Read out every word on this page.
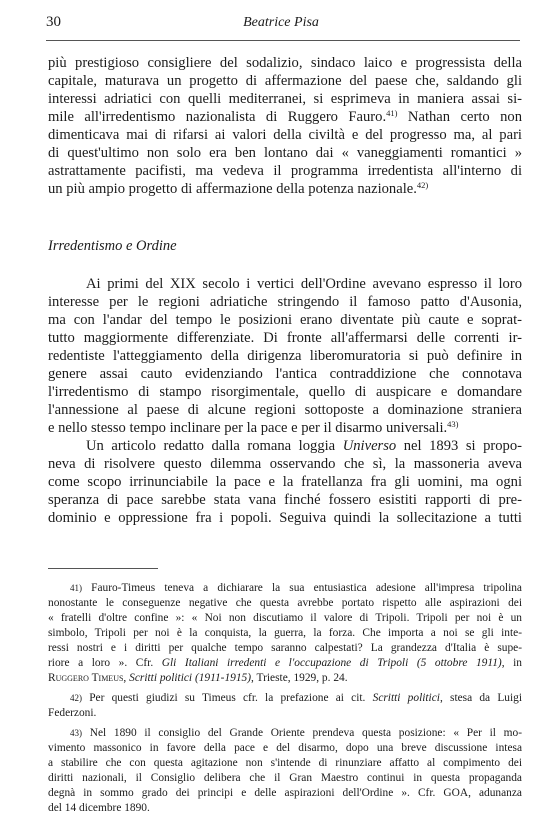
30	Beatrice Pisa
più prestigioso consigliere del sodalizio, sindaco laico e progressista della
capitale, maturava un progetto di affermazione del paese che, saldando gli
interessi adriatici con quelli mediterranei, si esprimeva in maniera assai si-
mile all'irredentismo nazionalista di Ruggero Fauro.$^{41)}$ Nathan certo non
dimenticava mai di rifarsi ai valori della civiltà e del progresso ma, al pari
di quest'ultimo non solo era ben lontano dai « vaneggiamenti romantici »
astrattamente pacifisti, ma vedeva il programma irredentista all'interno di
un più ampio progetto di affermazione della potenza nazionale.$^{42)}$
Irredentismo e Ordine
Ai primi del XIX secolo i vertici dell'Ordine avevano espresso il loro
interesse per le regioni adriatiche stringendo il famoso patto d'Ausonia,
ma con l'andar del tempo le posizioni erano diventate più caute e soprat-
tutto maggiormente differenziate. Di fronte all'affermarsi delle correnti ir-
redentiste l'atteggiamento della dirigenza liberomuratoria si può definire in
genere assai cauto evidenziando l'antica contraddizione che connotava
l'irredentismo di stampo risorgimentale, quello di auspicare e domandare
l'annessione al paese di alcune regioni sottoposte a dominazione straniera
e nello stesso tempo inclinare per la pace e per il disarmo universali.$^{43)}$
Un articolo redatto dalla romana loggia Universo nel 1893 si propo-
neva di risolvere questo dilemma osservando che sì, la massoneria aveva
come scopo irrinunciabile la pace e la fratellanza fra gli uomini, ma ogni
speranza di pace sarebbe stata vana finché fossero esistiti rapporti di pre-
dominio e oppressione fra i popoli. Seguiva quindi la sollecitazione a tutti
41) Fauro-Timeus teneva a dichiarare la sua entusiastica adesione all'impresa tripolina
nonostante le conseguenze negative che questa avrebbe portato rispetto alle aspirazioni dei
« fratelli d'oltre confine »: « Noi non discutiamo il valore di Tripoli. Tripoli per noi è un
simbolo, Tripoli per noi è la conquista, la guerra, la forza. Che importa a noi se gli inte-
ressi nostri e i diritti per qualche tempo saranno calpestati? La grandezza d'Italia è supe-
riore a loro ». Cfr. Gli Italiani irredenti e l'occupazione di Tripoli (5 ottobre 1911), in
Ruggero Timeus, Scritti politici (1911-1915), Trieste, 1929, p. 24.
42) Per questi giudizi su Timeus cfr. la prefazione ai cit. Scritti politici, stesa da Luigi
Federzoni.
43) Nel 1890 il consiglio del Grande Oriente prendeva questa posizione: « Per il mo-
vimento massonico in favore della pace e del disarmo, dopo una breve discussione intesa
a stabilire che con questa agitazione non s'intende di rinunziare affatto al compimento dei
diritti nazionali, il Consiglio delibera che il Gran Maestro continui in questa propaganda
degnà in sommo grado dei principi e delle aspirazioni dell'Ordine ». Cfr. GOA, adunanza
del 14 dicembre 1890.
